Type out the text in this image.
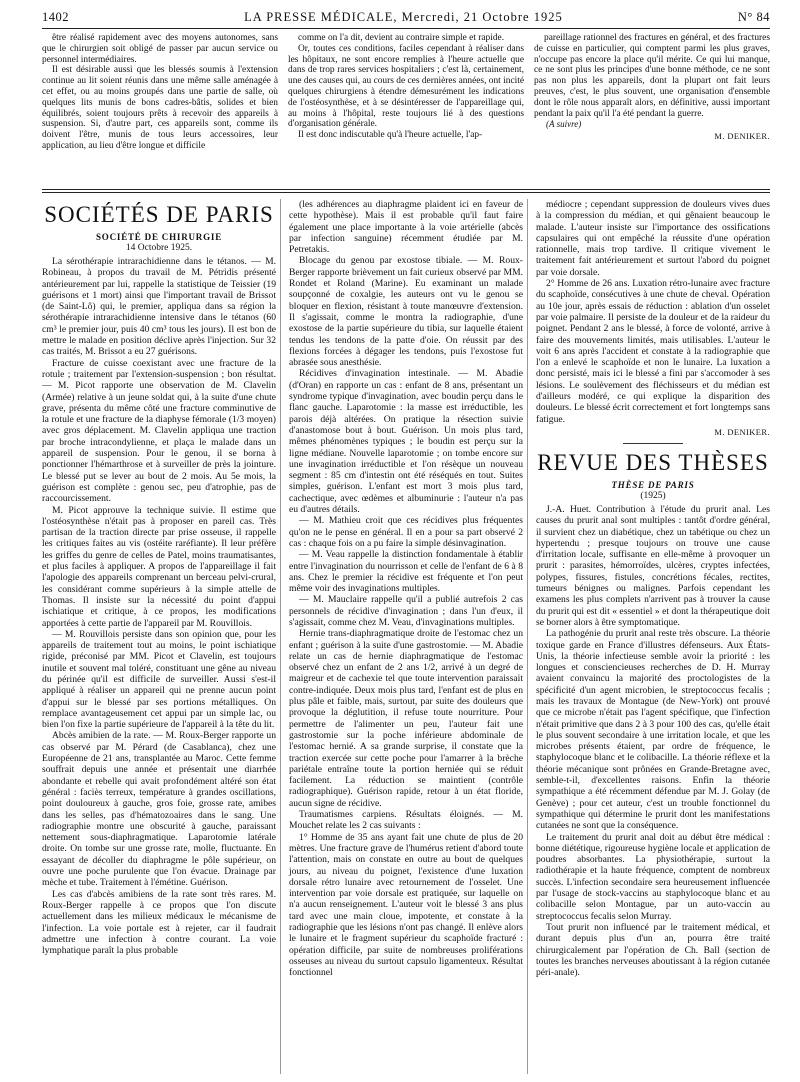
1402	LA PRESSE MÉDICALE, Mercredi, 21 Octobre 1925	N° 84

être réalisé rapidement avec des moyens autonomes, sans que le chirurgien soit obligé de passer par aucun service ou personnel intermédiaires.

Il est désirable aussi que les blessés soumis à l'extension continue au lit soient réunis dans une même salle aménagée à cet effet, ou au moins groupés dans une partie de salle, où quelques lits munis de bons cadres-bâtis, solides et bien équilibrés, soient toujours prêts à recevoir des appareils à suspension. Si, d'autre part, ces appareils sont, comme ils doivent l'être, munis de tous leurs accessoires, leur application, au lieu d'être longue et difficile

comme on l'a dit, devient au contraire simple et rapide.

Or, toutes ces conditions, faciles cependant à réaliser dans les hôpitaux, ne sont encore remplies à l'heure actuelle que dans de trop rares services hospitaliers ; c'est là, certainement, une des causes qui, au cours de ces dernières années, ont incité quelques chirurgiens à étendre démesurément les indications de l'ostéosynthèse, et à se désintéresser de l'appareillage qui, au moins à l'hôpital, reste toujours lié à des questions d'organisation générale.

Il est donc indiscutable qu'à l'heure actuelle, l'ap-

pareillage rationnel des fractures en général, et des fractures de cuisse en particulier, qui comptent parmi les plus graves, n'occupe pas encore la place qu'il mérite. Ce qui lui manque, ce ne sont plus les principes d'une bonne méthode, ce ne sont pas non plus les appareils, dont la plupart ont fait leurs preuves, c'est, le plus souvent, une organisation d'ensemble dont le rôle nous apparaît alors, en définitive, aussi important pendant la paix qu'il l'a été pendant la guerre.

(A suivre)
M. DENIKER.
SOCIÉTÉS DE PARIS
SOCIÉTÉ DE CHIRURGIE
14 Octobre 1925.

La sérothérapie intrarachidienne dans le tétanos. — M. Robineau, à propos du travail de M. Pétridis présenté antérieurement par lui, rappelle la statistique de Teissier (19 guérisons et 1 mort) ainsi que l'important travail de Brissot (de Saint-Lô) qui, le premier, appliqua dans sa région la sérothérapie intrarachidienne intensive dans le tétanos (60 cm³ le premier jour, puis 40 cm³ tous les jours). Il est bon de mettre le malade en position déclive après l'injection. Sur 32 cas traités, M. Brissot a eu 27 guérisons.

Fracture de cuisse coexistant avec une fracture de la rotule ; traitement par l'extension-suspension ; bon résultat. — M. Picot rapporte une observation de M. Clavelin (Armée) relative à un jeune soldat qui, à la suite d'une chute grave, présenta du même côté une fracture comminutive de la rotule et une fracture de la diaphyse fémorale (1/3 moyen) avec gros déplacement. M. Clavelin appliqua une traction par broche intracondylienne, et plaça le malade dans un appareil de suspension. Pour le genou, il se borna à ponctionner l'hémarthrose et à surveiller de près la jointure. Le blessé put se lever au bout de 2 mois. Au 5e mois, la guérison est complète : genou sec, peu d'atrophie, pas de raccourcissement.

M. Picot approuve la technique suivie. Il estime que l'ostéosynthèse n'était pas à proposer en pareil cas. Très partisan de la traction directe par prise osseuse, il rappelle les critiques faites au vis (ostéite raréfiante). Il leur préfère les griffes du genre de celles de Patel, moins traumatisantes, et plus faciles à appliquer. A propos de l'appareillage il fait l'apologie des appareils comprenant un berceau pelvi-crural, les considérant comme supérieurs à la simple attelle de Thomas. Il insiste sur la nécessité du point d'appui ischiatique et critique, à ce propos, les modifications apportées à cette partie de l'appareil par M. Rouvillois.

— M. Rouvillois persiste dans son opinion que, pour les appareils de traitement tout au moins, le point ischiatique rigide, préconisé par MM. Picot et Clavelin, est toujours inutile et souvent mal toléré, constituant une gêne au niveau du périnée qu'il est difficile de surveiller. Aussi s'est-il appliqué à réaliser un appareil qui ne prenne aucun point d'appui sur le blessé par ses portions métalliques. On remplace avantageusement cet appui par un simple lac, ou bien l'on fixe la partie supérieure de l'appareil à la tête du lit.

Abcès amibien de la rate. — M. Roux-Berger rapporte un cas observé par M. Pérard (de Casablanca), chez une Européenne de 21 ans, transplantée au Maroc. Cette femme souffrait depuis une année et présentait une diarrhée abondante et rebelle qui avait profondément altéré son état général : faciès terreux, température à grandes oscillations, point douloureux à gauche, gros foie, grosse rate, amibes dans les selles, pas d'hématozoaires dans le sang. Une radiographie montre une obscurité à gauche, paraissant nettement sous-diaphragmatique. Laparotomie latérale droite. On tombe sur une grosse rate, molle, fluctuante. En essayant de décoller du diaphragme le pôle supérieur, on ouvre une poche purulente que l'on évacue. Drainage par mèche et tube. Traitement à l'émétine. Guérison.

Les cas d'abcès amibiens de la rate sont très rares. M. Roux-Berger rappelle à ce propos que l'on discute actuellement dans les milieux médicaux le mécanisme de l'infection. La voie portale est à rejeter, car il faudrait admettre une infection à contre courant. La voie lymphatique paraît la plus probable

(les adhérences au diaphragme plaident ici en faveur de cette hypothèse). Mais il est probable qu'il faut faire également une place importante à la voie artérielle (abcès par infection sanguine) récemment étudiée par M. Petretakis.

Blocage du genou par exostose tibiale. — M. Roux-Berger rapporte brièvement un fait curieux observé par MM. Rondet et Roland (Marine). Eu examinant un malade soupçonné de coxalgie, les auteurs ont vu le genou se bloquer en flexion, résistant à toute manœuvre d'extension. Il s'agissait, comme le montra la radiographie, d'une exostose de la partie supérieure du tibia, sur laquelle étaient tendus les tendons de la patte d'oie. On réussit par des flexions forcées à dégager les tendons, puis l'exostose fut abrasée sous anesthésie.

Récidives d'invagination intestinale. — M. Abadie (d'Oran) en rapporte un cas : enfant de 8 ans, présentant un syndrome typique d'invagination, avec boudin perçu dans le flanc gauche. Laparotomie : la masse est irréductible, les parois déjà altérées. On pratique la résection suivie d'anastomose bout à bout. Guérison. Un mois plus tard, mêmes phénomènes typiques ; le boudin est perçu sur la ligne médiane. Nouvelle laparotomie ; on tombe encore sur une invagination irréductible et l'on résèque un nouveau segment : 85 cm d'intestin ont été réséqués en tout. Suites simples, guérison. L'enfant est mort 3 mois plus tard, cachectique, avec œdèmes et albuminurie : l'auteur n'a pas eu d'autres détails.

— M. Mathieu croit que ces récidives plus fréquentes qu'on ne le pense en général. Il en a pour sa part observé 2 cas : chaque fois on a pu faire la simple désinvagination.

— M. Veau rappelle la distinction fondamentale à établir entre l'invagination du nourrisson et celle de l'enfant de 6 à 8 ans. Chez le premier la récidive est fréquente et l'on peut même voir des invaginations multiples.

— M. Mauclaire rappelle qu'il a publié autrefois 2 cas personnels de récidive d'invagination ; dans l'un d'eux, il s'agissait, comme chez M. Veau, d'invaginations multiples.

Hernie trans-diaphragmatique droite de l'estomac chez un enfant ; guérison à la suite d'une gastrostomie. — M. Abadie relate un cas de hernie diaphragmatique de l'estomac observé chez un enfant de 2 ans 1/2, arrivé à un degré de maigreur et de cachexie tel que toute intervention paraissait contre-indiquée. Deux mois plus tard, l'enfant est de plus en plus pâle et faible, mais, surtout, par suite des douleurs que provoque la déglutition, il refuse toute nourriture. Pour permettre de l'alimenter un peu, l'auteur fait une gastrostomie sur la poche inférieure abdominale de l'estomac hernié. A sa grande surprise, il constate que la traction exercée sur cette poche pour l'amarrer à la brèche pariétale entraîne toute la portion herniée qui se réduit facilement. La réduction se maintient (contrôle radiographique). Guérison rapide, retour à un état floride, aucun signe de récidive.

Traumatismes carpiens. Résultats éloignés. — M. Mouchet relate les 2 cas suivants :

1° Homme de 35 ans ayant fait une chute de plus de 20 mètres. Une fracture grave de l'humérus retient d'abord toute l'attention, mais on constate en outre au bout de quelques jours, au niveau du poignet, l'existence d'une luxation dorsale rétro lunaire avec retournement de l'osselet. Une intervention par voie dorsale est pratiquée, sur laquelle on n'a aucun renseignement. L'auteur voit le blessé 3 ans plus tard avec une main cloue, impotente, et constate à la radiographie que les lésions n'ont pas changé. Il enlève alors le lunaire et le fragment supérieur du scaphoïde fracturé : opération difficile, par suite de nombreuses proliférations osseuses au niveau du surtout capsulo ligamenteux. Résultat fonctionnel

médiocre ; cependant suppression de douleurs vives dues à la compression du médian, et qui gênaient beaucoup le malade. L'auteur insiste sur l'importance des ossifications capsulaires qui ont empêché la réussite d'une opération rationnelle, mais trop tardive. Il critique vivement le traitement fait antérieurement et surtout l'abord du poignet par voie dorsale.

2° Homme de 26 ans. Luxation rétro-lunaire avec fracture du scaphoïde, consécutives à une chute de cheval. Opération au 10e jour, après essais de réduction : ablation d'un osselet par voie palmaire. Il persiste de la douleur et de la raideur du poignet. Pendant 2 ans le blessé, à force de volonté, arrive à faire des mouvements limités, mais utilisables. L'auteur le voit 6 ans après l'accident et constate à la radiographie que l'on a enlevé le scaphoïde et non le lunaire. La luxation a donc persisté, mais ici le blessé a fini par s'accomoder à ses lésions. Le soulèvement des fléchisseurs et du médian est d'ailleurs modéré, ce qui explique la disparition des douleurs. Le blessé écrit correctement et fort longtemps sans fatigue.

M. DENIKER.
REVUE DES THÈSES
THÈSE DE PARIS
(1925)

J.-A. Huet. Contribution à l'étude du prurit anal. Les causes du prurit anal sont multiples : tantôt d'ordre général, il survient chez un diabétique, chez un tabétique ou chez un hypertendu ; presque toujours on trouve une cause d'irritation locale, suffisante en elle-même à provoquer un prurit : parasites, hémorroïdes, ulcères, cryptes infectées, polypes, fissures, fistules, concrétions fécales, rectites, tumeurs bénignes ou malignes. Parfois cependant les examens les plus complets n'arrivent pas à trouver la cause du prurit qui est dit « essentiel » et dont la thérapeutique doit se borner alors à être symptomatique.

La pathogénie du prurit anal reste très obscure. La théorie toxique garde en France d'illustres défenseurs. Aux États-Unis, la théorie infectieuse semble avoir la priorité : les longues et consciencieuses recherches de D. H. Murray avaient convaincu la majorité des proctologistes de la spécificité d'un agent microbien, le streptococcus fecalis ; mais les travaux de Montague (de New-York) ont prouvé que ce microbe n'était pas l'agent spécifique, que l'infection n'était primitive que dans 2 à 3 pour 100 des cas, qu'elle était le plus souvent secondaire à une irritation locale, et que les microbes présents étaient, par ordre de fréquence, le staphylocoque blanc et le colibacille. La théorie réflexe et la théorie mécanique sont prônées en Grande-Bretagne avec, semble-t-il, d'excellentes raisons. Enfin la théorie sympathique a été récemment défendue par M. J. Golay (de Genève) ; pour cet auteur, c'est un trouble fonctionnel du sympathique qui détermine le prurit dont les manifestations cutanées ne sont que la conséquence.

Le traitement du prurit anal doit au début être médical : bonne diététique, rigoureuse hygiène locale et application de poudres absorbantes. La physiothérapie, surtout la radiothérapie et la haute fréquence, comptent de nombreux succès. L'infection secondaire sera heureusement influencée par l'usage de stock-vaccins au staphylocoque blanc et au colibacille selon Montague, par un auto-vaccin au streptococcus fecalis selon Murray.

Tout prurit non influencé par le traitement médical, et durant depuis plus d'un an, pourra être traité chirurgicalement par l'opération de Ch. Ball (section de toutes les branches nerveuses aboutissant à la région cutanée péri-anale).
